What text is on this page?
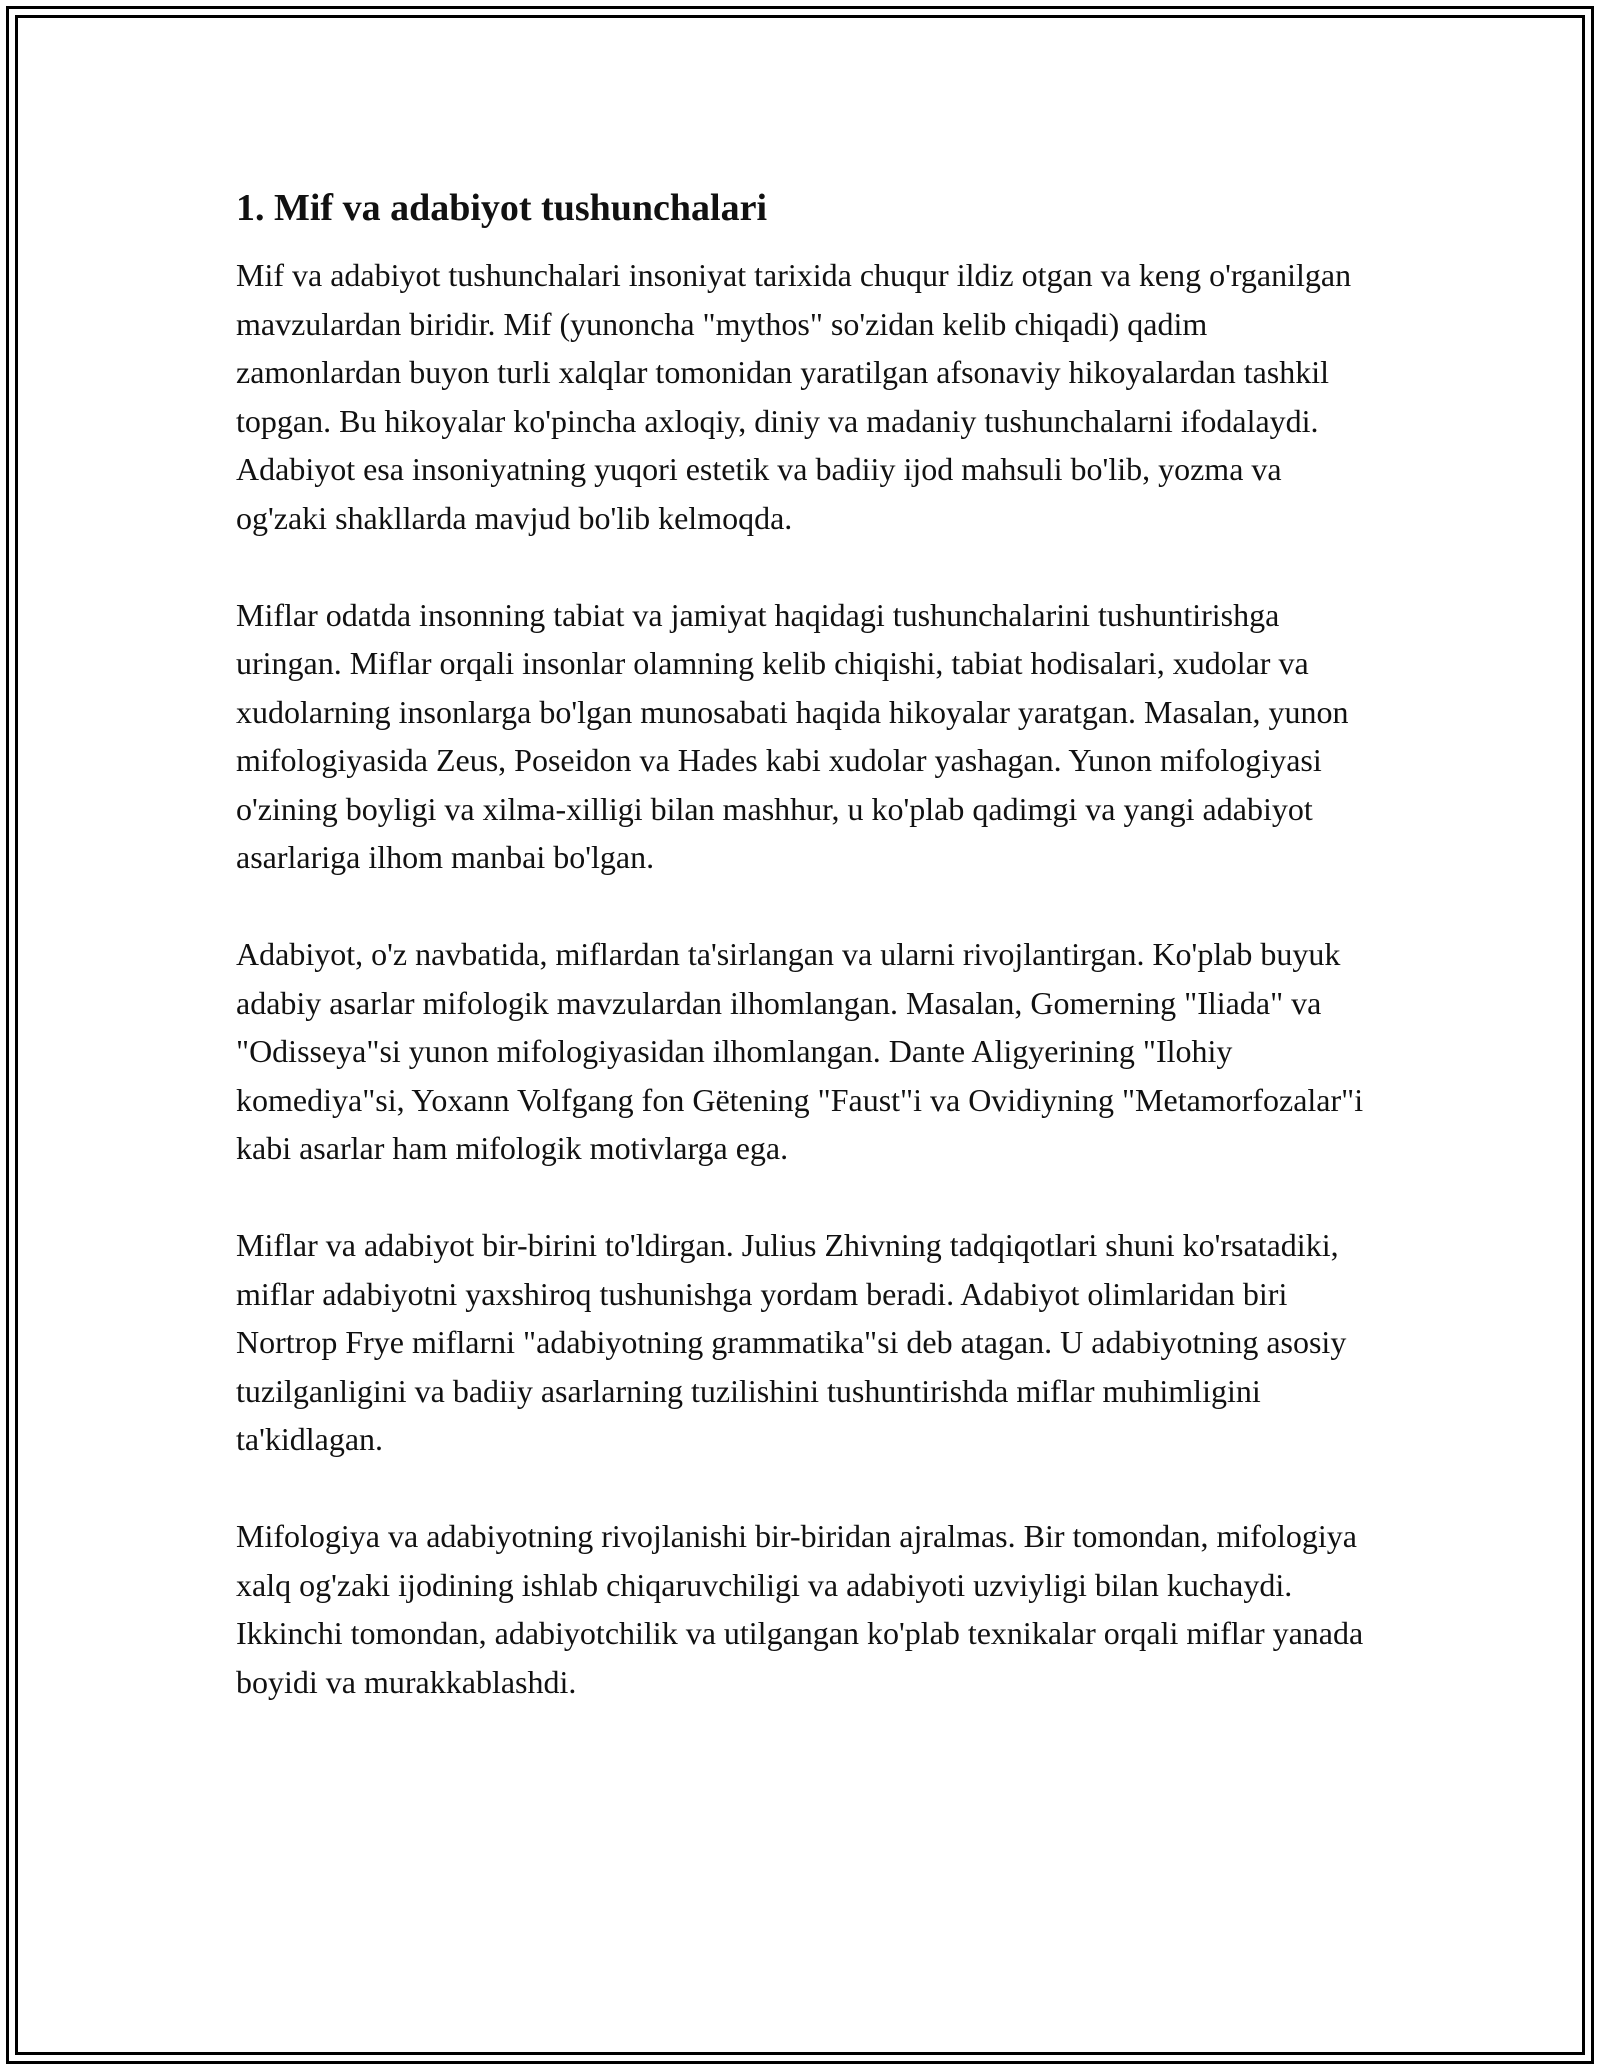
1. Mif va adabiyot tushunchalari

Mif va adabiyot tushunchalari insoniyat tarixida chuqur ildiz otgan va keng o'rganilgan mavzulardan biridir. Mif (yunoncha "mythos" so'zidan kelib chiqadi) qadim zamonlardan buyon turli xalqlar tomonidan yaratilgan afsonaviy hikoyalardan tashkil topgan. Bu hikoyalar ko'pincha axloqiy, diniy va madaniy tushunchalarni ifodalaydi. Adabiyot esa insoniyatning yuqori estetik va badiiy ijod mahsuli bo'lib, yozma va og'zaki shakllarda mavjud bo'lib kelmoqda.

Miflar odatda insonning tabiat va jamiyat haqidagi tushunchalarini tushuntirishga uringan. Miflar orqali insonlar olamning kelib chiqishi, tabiat hodisalari, xudolar va xudolarning insonlarga bo'lgan munosabati haqida hikoyalar yaratgan. Masalan, yunon mifologiyasida Zeus, Poseidon va Hades kabi xudolar yashagan. Yunon mifologiyasi o'zining boyligi va xilma-xilligi bilan mashhur, u ko'plab qadimgi va yangi adabiyot asarlariga ilhom manbai bo'lgan.

Adabiyot, o'z navbatida, miflardan ta'sirlangan va ularni rivojlantirgan. Ko'plab buyuk adabiy asarlar mifologik mavzulardan ilhomlangan. Masalan, Gomerning "Iliada" va "Odisseya"si yunon mifologiyasidan ilhomlangan. Dante Aligyerining "Ilohiy komediya"si, Yoxann Volfgang fon Gëtening "Faust"i va Ovidiyning "Metamorfozalar"i kabi asarlar ham mifologik motivlarga ega.

Miflar va adabiyot bir-birini to'ldirgan. Julius Zhivning tadqiqotlari shuni ko'rsatadiki, miflar adabiyotni yaxshiroq tushunishga yordam beradi. Adabiyot olimlaridan biri Nortrop Frye miflarni "adabiyotning grammatika"si deb atagan. U adabiyotning asosiy tuzilganligini va badiiy asarlarning tuzilishini tushuntirishda miflar muhimligini ta'kidlagan.

Mifologiya va adabiyotning rivojlanishi bir-biridan ajralmas. Bir tomondan, mifologiya xalq og'zaki ijodining ishlab chiqaruvchiligi va adabiyoti uzviyligi bilan kuchaydi. Ikkinchi tomondan, adabiyotchilik va utilgangan ko'plab texnikalar orqali miflar yanada boyidi va murakkablashdi.
